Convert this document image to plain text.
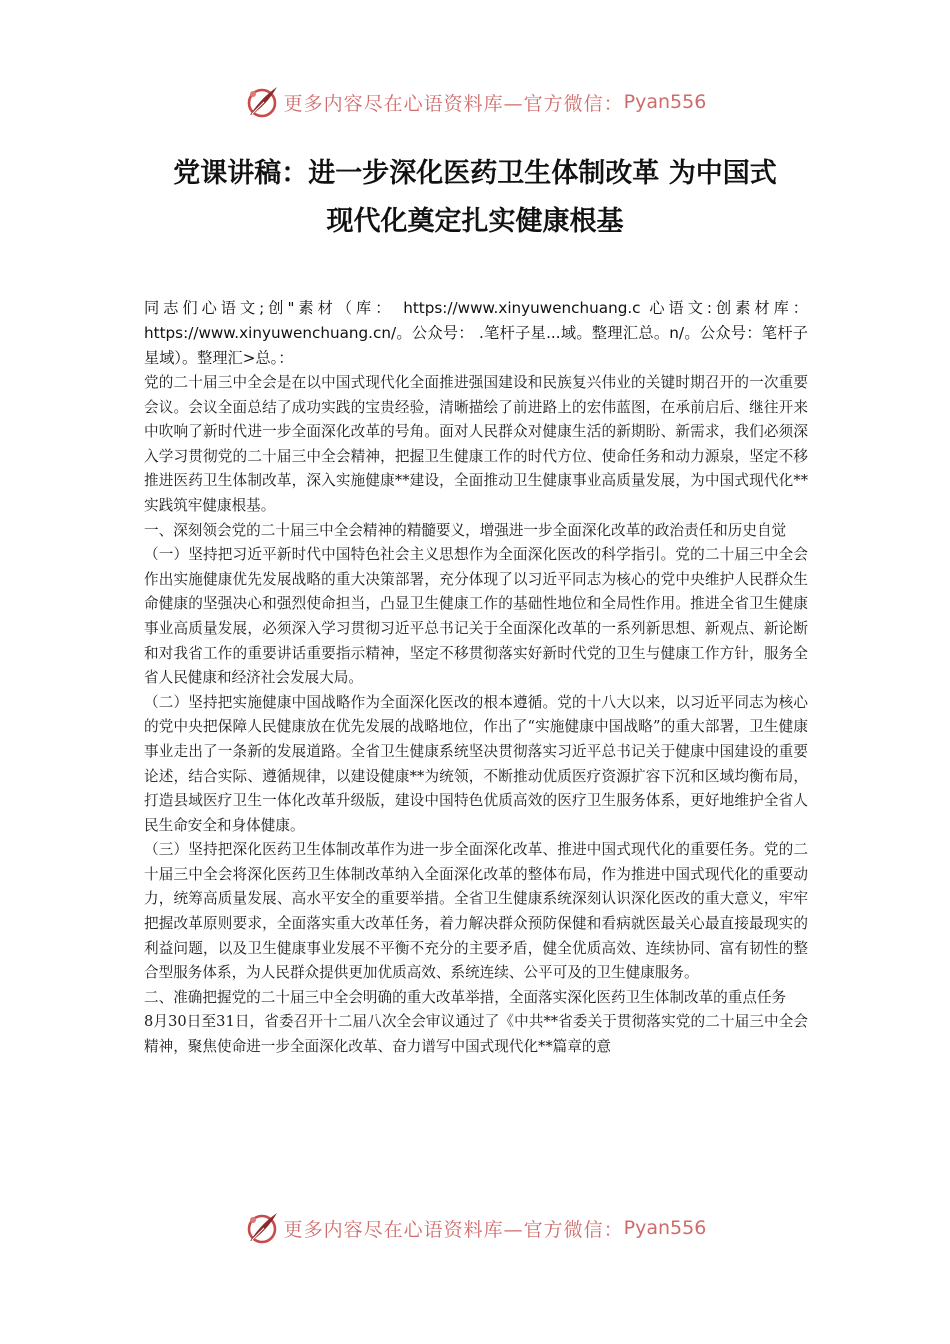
更多内容尽在心语资料库—官方微信： Pyan556
党课讲稿：进一步深化医药卫生体制改革 为中国式
现代化奠定扎实健康根基

同志们心语文;创"素材（库： https://www.xinyuwenchuang.c 心语文:创素材库：https://www.xinyuwenchuang.cn/。公众号： .笔杆子星...域。整理汇总。n/。公众号：笔杆子星域）。整理汇>总。：

党的二十届三中全会是在以中国式现代化全面推进强国建设和民族复兴伟业的关键时期召开的一次重要会议。会议全面总结了成功实践的宝贵经验，清晰描绘了前进路上的宏伟蓝图，在承前启后、继往开来中吹响了新时代进一步全面深化改革的号角。面对人民群众对健康生活的新期盼、新需求，我们必须深入学习贯彻党的二十届三中全会精神，把握卫生健康工作的时代方位、使命任务和动力源泉，坚定不移推进医药卫生体制改革，深入实施健康**建设，全面推动卫生健康事业高质量发展，为中国式现代化**实践筑牢健康根基。

一、深刻领会党的二十届三中全会精神的精髓要义，增强进一步全面深化改革的政治责任和历史自觉

（一）坚持把习近平新时代中国特色社会主义思想作为全面深化医改的科学指引。党的二十届三中全会作出实施健康优先发展战略的重大决策部署，充分体现了以习近平同志为核心的党中央维护人民群众生命健康的坚强决心和强烈使命担当，凸显卫生健康工作的基础性地位和全局性作用。推进全省卫生健康事业高质量发展，必须深入学习贯彻习近平总书记关于全面深化改革的一系列新思想、新观点、新论断和对我省工作的重要讲话重要指示精神，坚定不移贯彻落实好新时代党的卫生与健康工作方针，服务全省人民健康和经济社会发展大局。

（二）坚持把实施健康中国战略作为全面深化医改的根本遵循。党的十八大以来，以习近平同志为核心的党中央把保障人民健康放在优先发展的战略地位，作出了“实施健康中国战略”的重大部署，卫生健康事业走出了一条新的发展道路。全省卫生健康系统坚决贯彻落实习近平总书记关于健康中国建设的重要论述，结合实际、遵循规律，以建设健康**为统领，不断推动优质医疗资源扩容下沉和区域均衡布局，打造县域医疗卫生一体化改革升级版，建设中国特色优质高效的医疗卫生服务体系，更好地维护全省人民生命安全和身体健康。

（三）坚持把深化医药卫生体制改革作为进一步全面深化改革、推进中国式现代化的重要任务。党的二十届三中全会将深化医药卫生体制改革纳入全面深化改革的整体布局，作为推进中国式现代化的重要动力，统筹高质量发展、高水平安全的重要举措。全省卫生健康系统深刻认识深化医改的重大意义，牢牢把握改革原则要求，全面落实重大改革任务，着力解决群众预防保健和看病就医最关心最直接最现实的利益问题，以及卫生健康事业发展不平衡不充分的主要矛盾，健全优质高效、连续协同、富有韧性的整合型服务体系，为人民群众提供更加优质高效、系统连续、公平可及的卫生健康服务。

二、准确把握党的二十届三中全会明确的重大改革举措，全面落实深化医药卫生体制改革的重点任务

8月30日至31日，省委召开十二届八次全会审议通过了《中共**省委关于贯彻落实党的二十届三中全会精神，聚焦使命进一步全面深化改革、奋力谱写中国式现代化**篇章的意

更多内容尽在心语资料库—官方微信： Pyan556
